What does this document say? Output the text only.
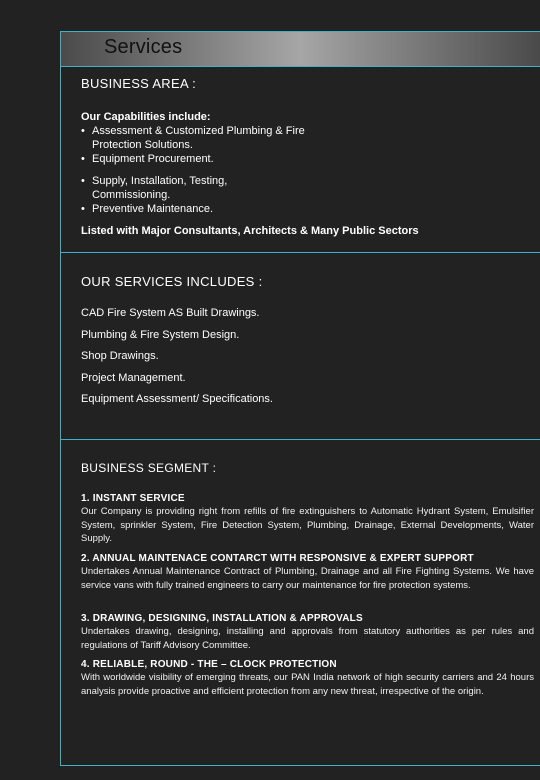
Services
BUSINESS AREA :
Our Capabilities include:
• Assessment & Customized Plumbing & Fire Protection Solutions.
• Equipment Procurement.
• Supply, Installation, Testing, Commissioning.
• Preventive Maintenance.
Listed with Major Consultants, Architects & Many Public Sectors
OUR SERVICES INCLUDES :
CAD Fire System AS Built Drawings.
Plumbing & Fire System Design.
Shop Drawings.
Project Management.
Equipment Assessment/ Specifications.
BUSINESS SEGMENT :
1. INSTANT SERVICE
Our Company is providing right from refills of fire extinguishers to Automatic Hydrant System, Emulsifier System, sprinkler System, Fire Detection System, Plumbing, Drainage, External Developments, Water Supply.
2. ANNUAL MAINTENACE CONTARCT WITH RESPONSIVE & EXPERT SUPPORT
Undertakes Annual Maintenance Contract of Plumbing, Drainage and all Fire Fighting Systems. We have service vans with fully trained engineers to carry our maintenance for fire protection systems.
3. DRAWING, DESIGNING, INSTALLATION & APPROVALS
Undertakes drawing, designing, installing and approvals from statutory authorities as per rules and regulations of Tariff Advisory Committee.
4. RELIABLE, ROUND - THE – CLOCK PROTECTION
With worldwide visibility of emerging threats, our PAN India network of high security carriers and 24 hours analysis provide proactive and efficient protection from any new threat, irrespective of the origin.
